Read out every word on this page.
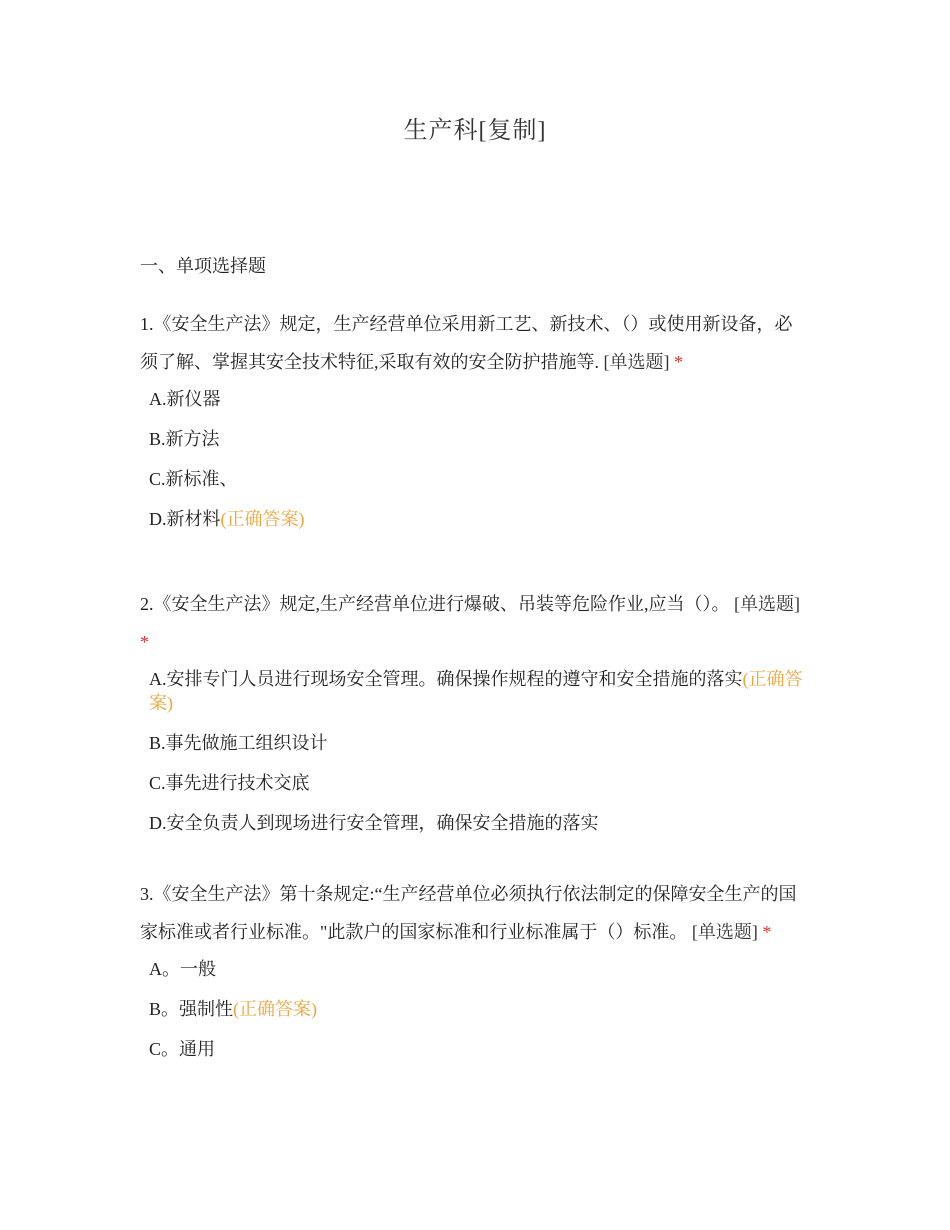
生产科[复制]
一、单项选择题
1.《安全生产法》规定，生产经营单位采用新工艺、新技术、（）或使用新设备，必须了解、掌握其安全技术特征,采取有效的安全防护措施等. [单选题] *
A.新仪器
B.新方法
C.新标准、
D.新材料(正确答案)
2.《安全生产法》规定,生产经营单位进行爆破、吊装等危险作业,应当（）。 [单选题] *
A.安排专门人员进行现场安全管理。确保操作规程的遵守和安全措施的落实(正确答案)
B.事先做施工组织设计
C.事先进行技术交底
D.安全负责人到现场进行安全管理，确保安全措施的落实
3.《安全生产法》第十条规定:“生产经营单位必须执行依法制定的保障安全生产的国家标准或者行业标准。"此款户的国家标准和行业标准属于（）标准。 [单选题] *
A。一般
B。强制性(正确答案)
C。通用
